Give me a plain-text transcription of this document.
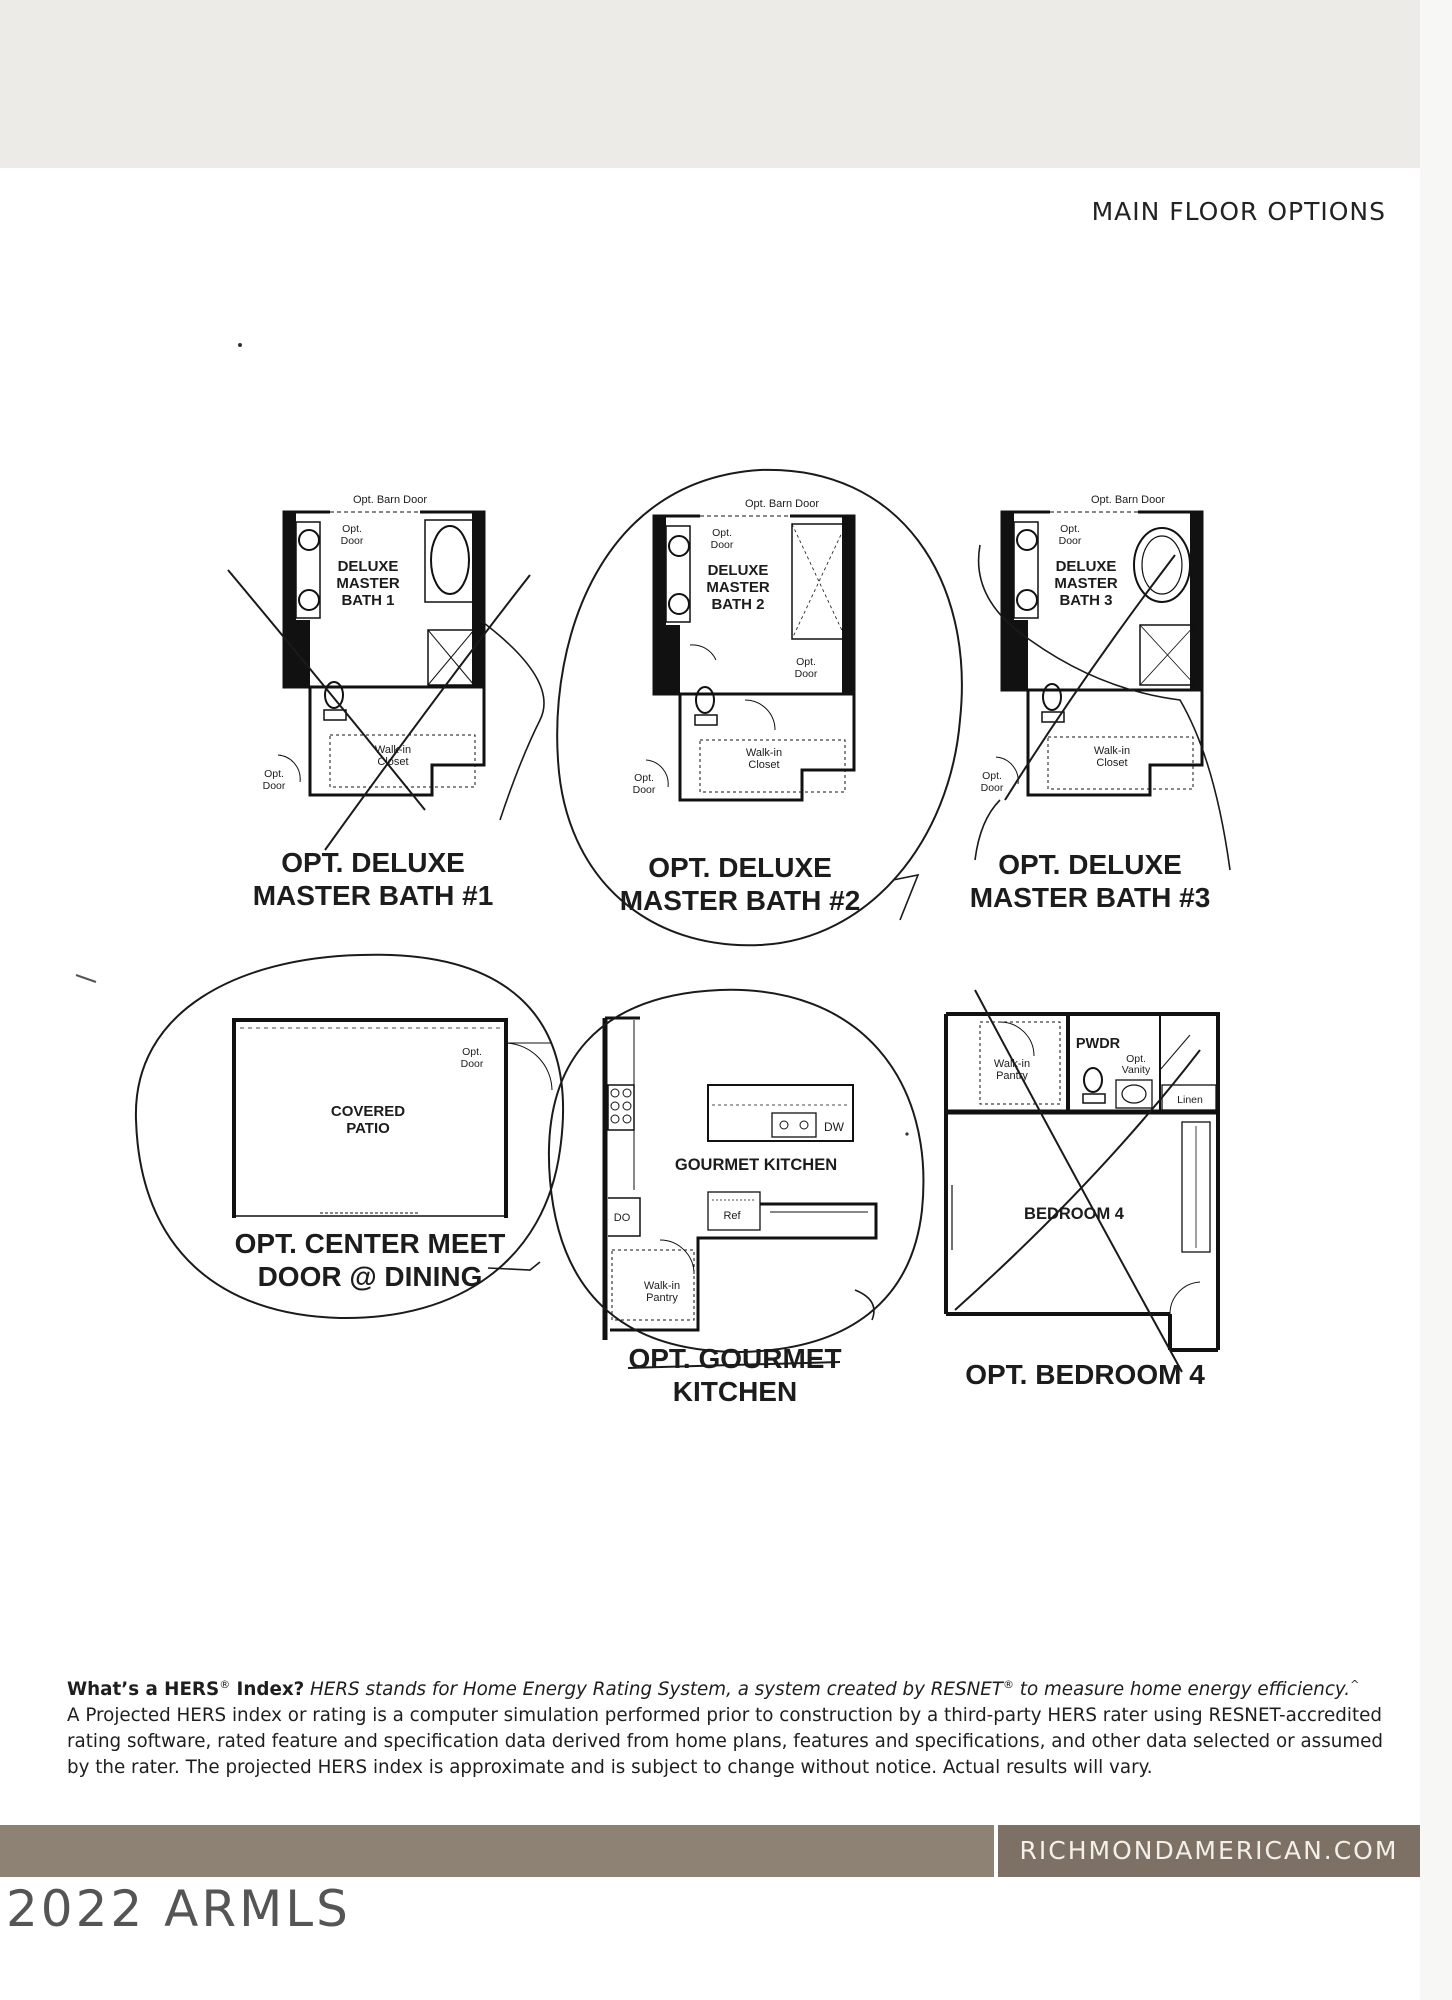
MAIN FLOOR OPTIONS
Opt. Barn Door
Opt.
Door
DELUXE
MASTER
BATH 1
Walk-in
Closet
Opt.
Door
Opt. Barn Door
Opt.
Door
DELUXE
MASTER
BATH 2
Opt.
Door
Walk-in
Closet
Opt.
Door
Opt. Barn Door
Opt.
Door
DELUXE
MASTER
BATH 3
Walk-in
Closet
Opt.
Door
Opt.
Door
COVERED
PATIO	DW
GOURMET KITCHEN
DO	Ref
Walk-in
Pantry
Walk-in
Pantry
PWDR
Opt.
Vanity
Linen
BEDROOM 4
OPT. DELUXE
MASTER BATH #1
OPT. DELUXE
MASTER BATH #2
OPT. DELUXE
MASTER BATH #3
OPT. CENTER MEET
DOOR @ DINING
OPT. GOURMET
KITCHEN
OPT. BEDROOM 4
What’s a HERS® Index? HERS stands for Home Energy Rating System, a system created by RESNET® to measure home energy efficiency.^
A Projected HERS index or rating is a computer simulation performed prior to construction by a third-party HERS rater using RESNET-accredited rating software, rated feature and specification data derived from home plans, features and specifications, and other data selected or assumed by the rater. The projected HERS index is approximate and is subject to change without notice. Actual results will vary.
RICHMONDAMERICAN.COM
2022 ARMLS
